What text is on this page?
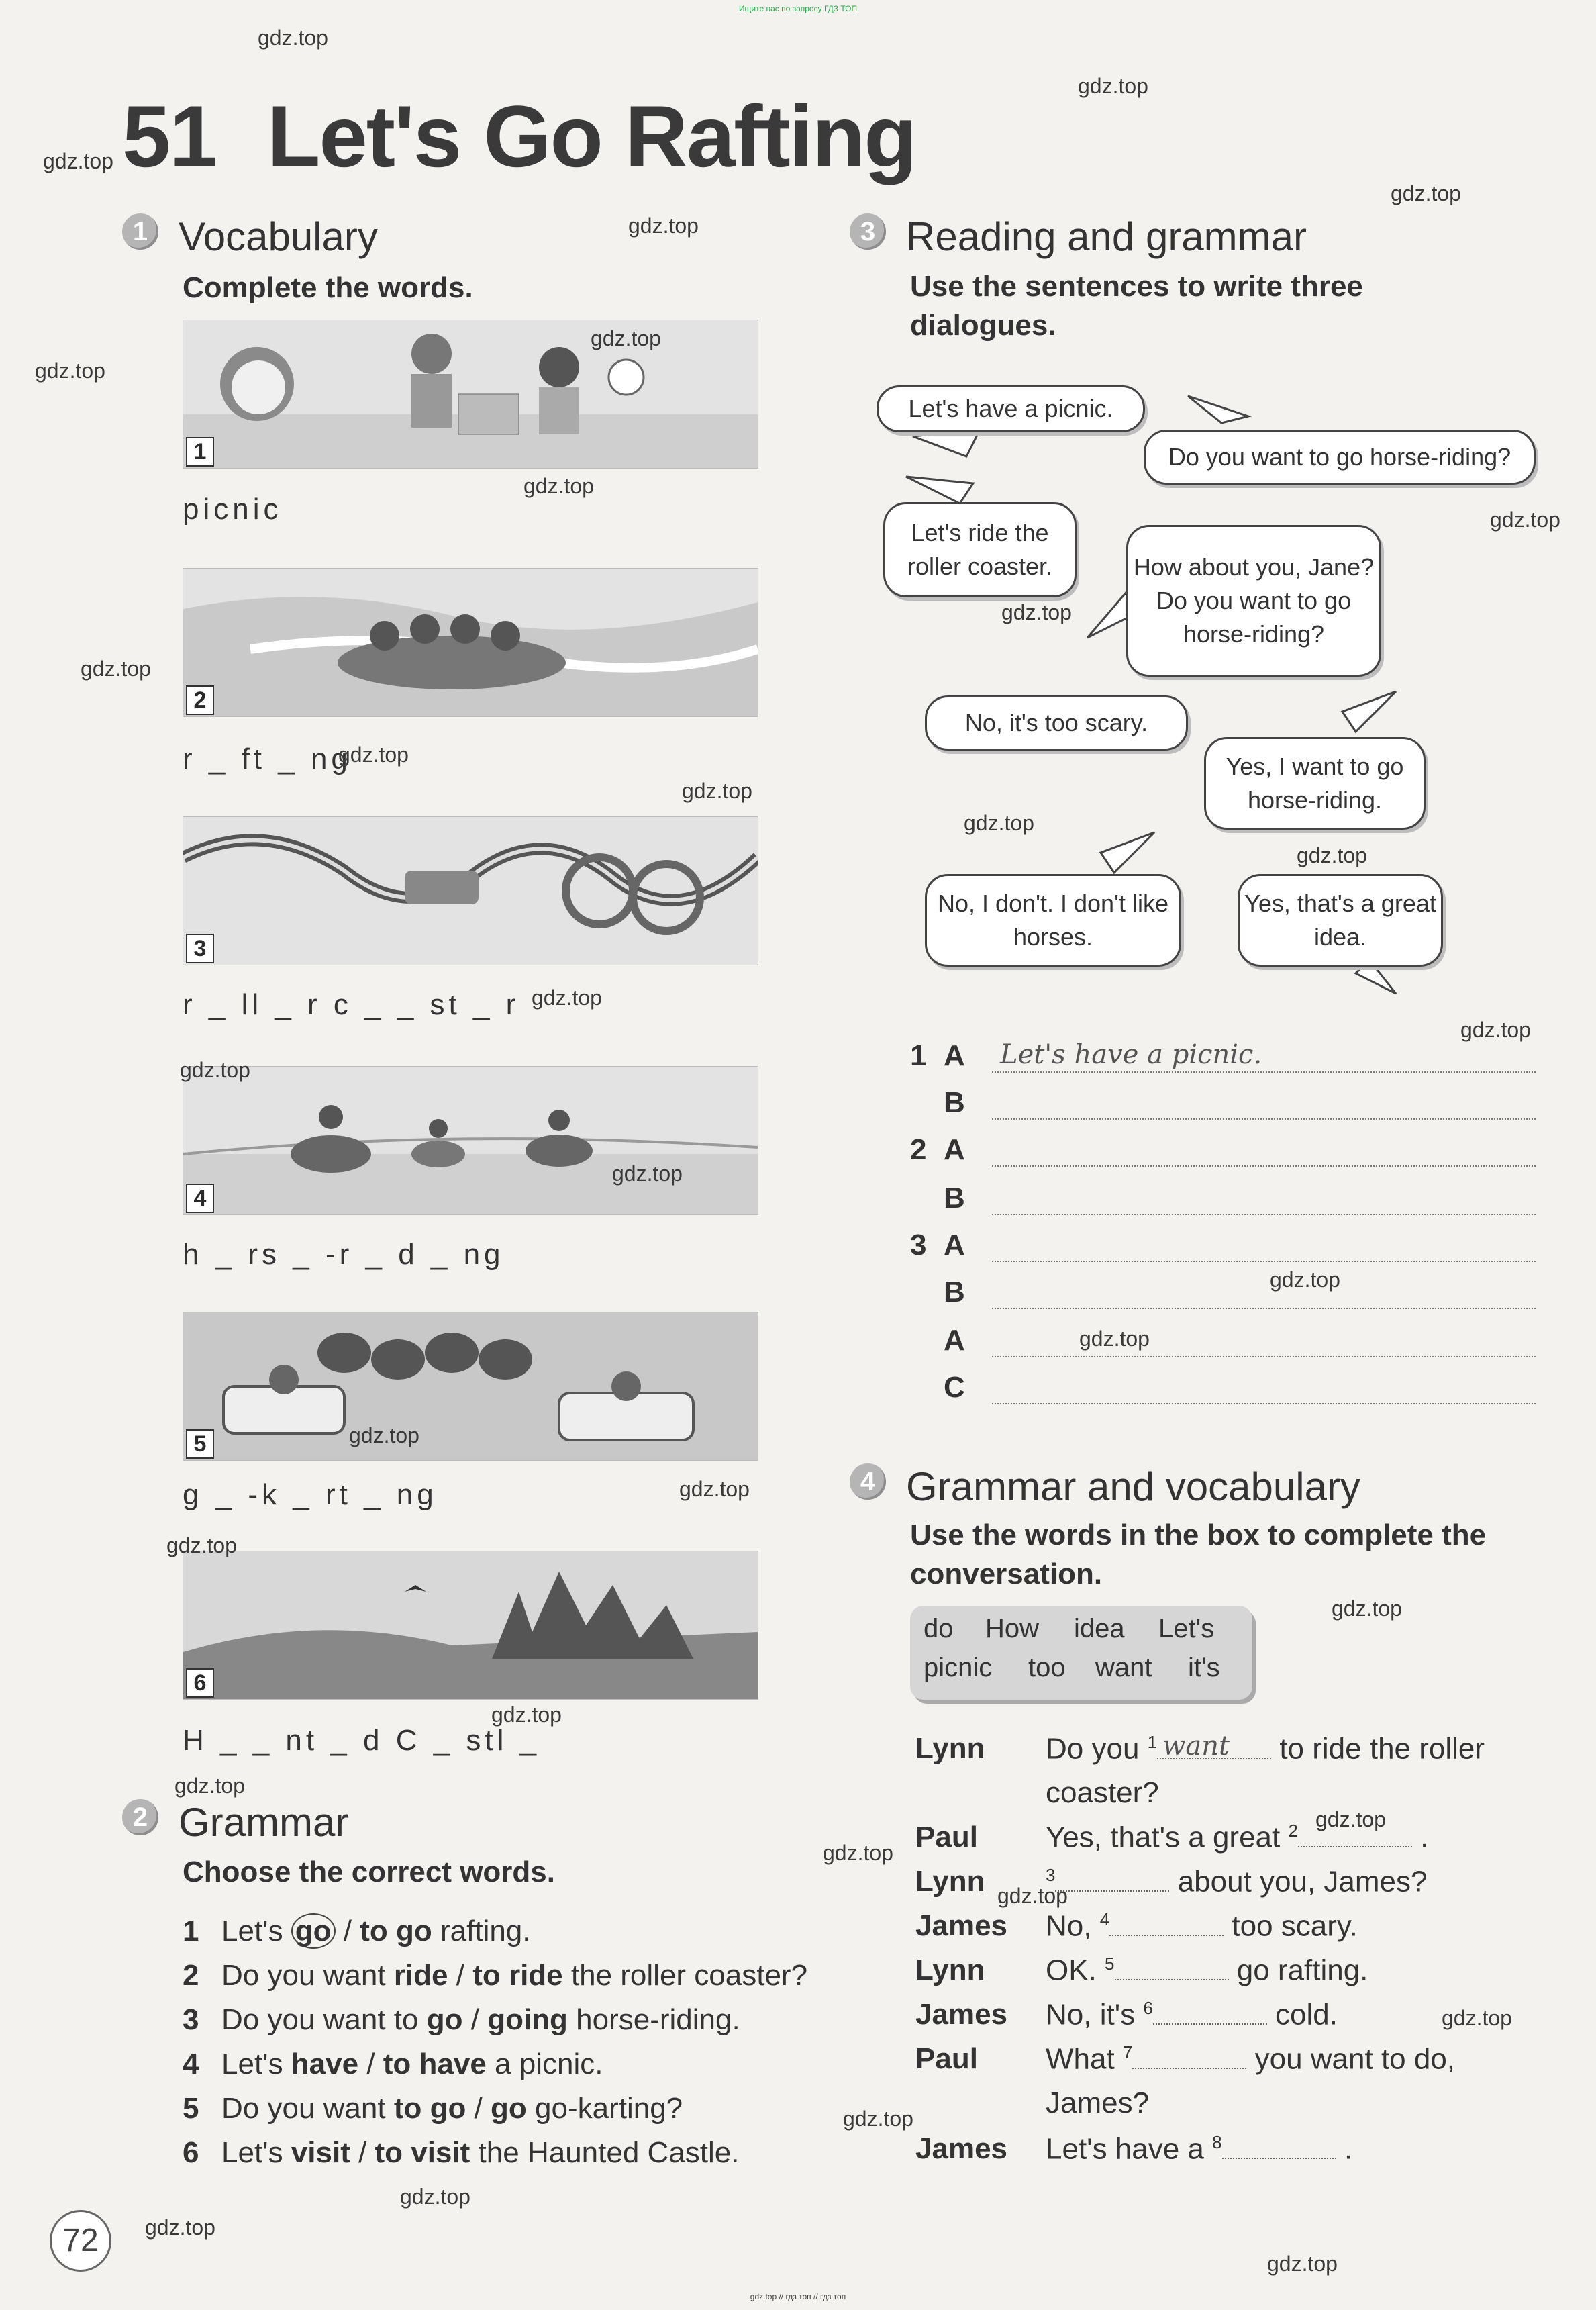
Ищите нас по запросу ГДЗ ТОП
51 Let's Go Rafting
1 Vocabulary
Complete the words.
1
picnic
2
r _ ft _ ng
3
r _ ll _ r c _ _ st _ r
4
h _ rs _ -r _ d _ ng
5
g _ -k _ rt _ ng
6
H _ _ nt _ d C _ stl _
2 Grammar
Choose the correct words.
1 Let's go / to go rafting.
2 Do you want ride / to ride the roller coaster?
3 Do you want to go / going horse-riding.
4 Let's have / to have a picnic.
5 Do you want to go / go go-karting?
6 Let's visit / to visit the Haunted Castle.
3 Reading and grammar
Use the sentences to write three
dialogues.
Let's have a picnic.
Do you want to go horse-riding?
Let's ride the roller coaster.	How about you, Jane? Do you want to go horse-riding?
No, it's too scary.
Yes, I want to go horse-riding.
No, I don't. I don't like horses.
Yes, that's a great idea.
1 A Let's have a picnic.
B
2 A
B
3 A
B
A
C
4 Grammar and vocabulary
Use the words in the box to complete the
conversation.
do How idea Let's
picnic too want it's
Lynn Do you $^1$ want to ride the roller
coaster?
Paul Yes, that's a great $^2$	.
Lynn	$^3$	about you, James?
James No, $^4$	too scary.
Lynn OK. $^5$	go rafting.
James No, it's $^6$	cold.
Paul What $^7$	you want to do,
James?
James Let's have a $^8$	.
72
gdz.top
gdz.top
gdz.top
gdz.top
gdz.top
gdz.top
gdz.top
gdz.top
gdz.top
gdz.top
gdz.top
gdz.top
gdz.top
gdz.top
gdz.top
gdz.top
gdz.top
gdz.top
gdz.top
gdz.top
gdz.top
gdz.top
gdz.top
gdz.top
gdz.top
gdz.top
gdz.top
gdz.top
gdz.top
gdz.top
gdz.top
gdz.top
gdz.top
gdz.top
gdz.top
gdz.top // гдз топ // гдз топ
